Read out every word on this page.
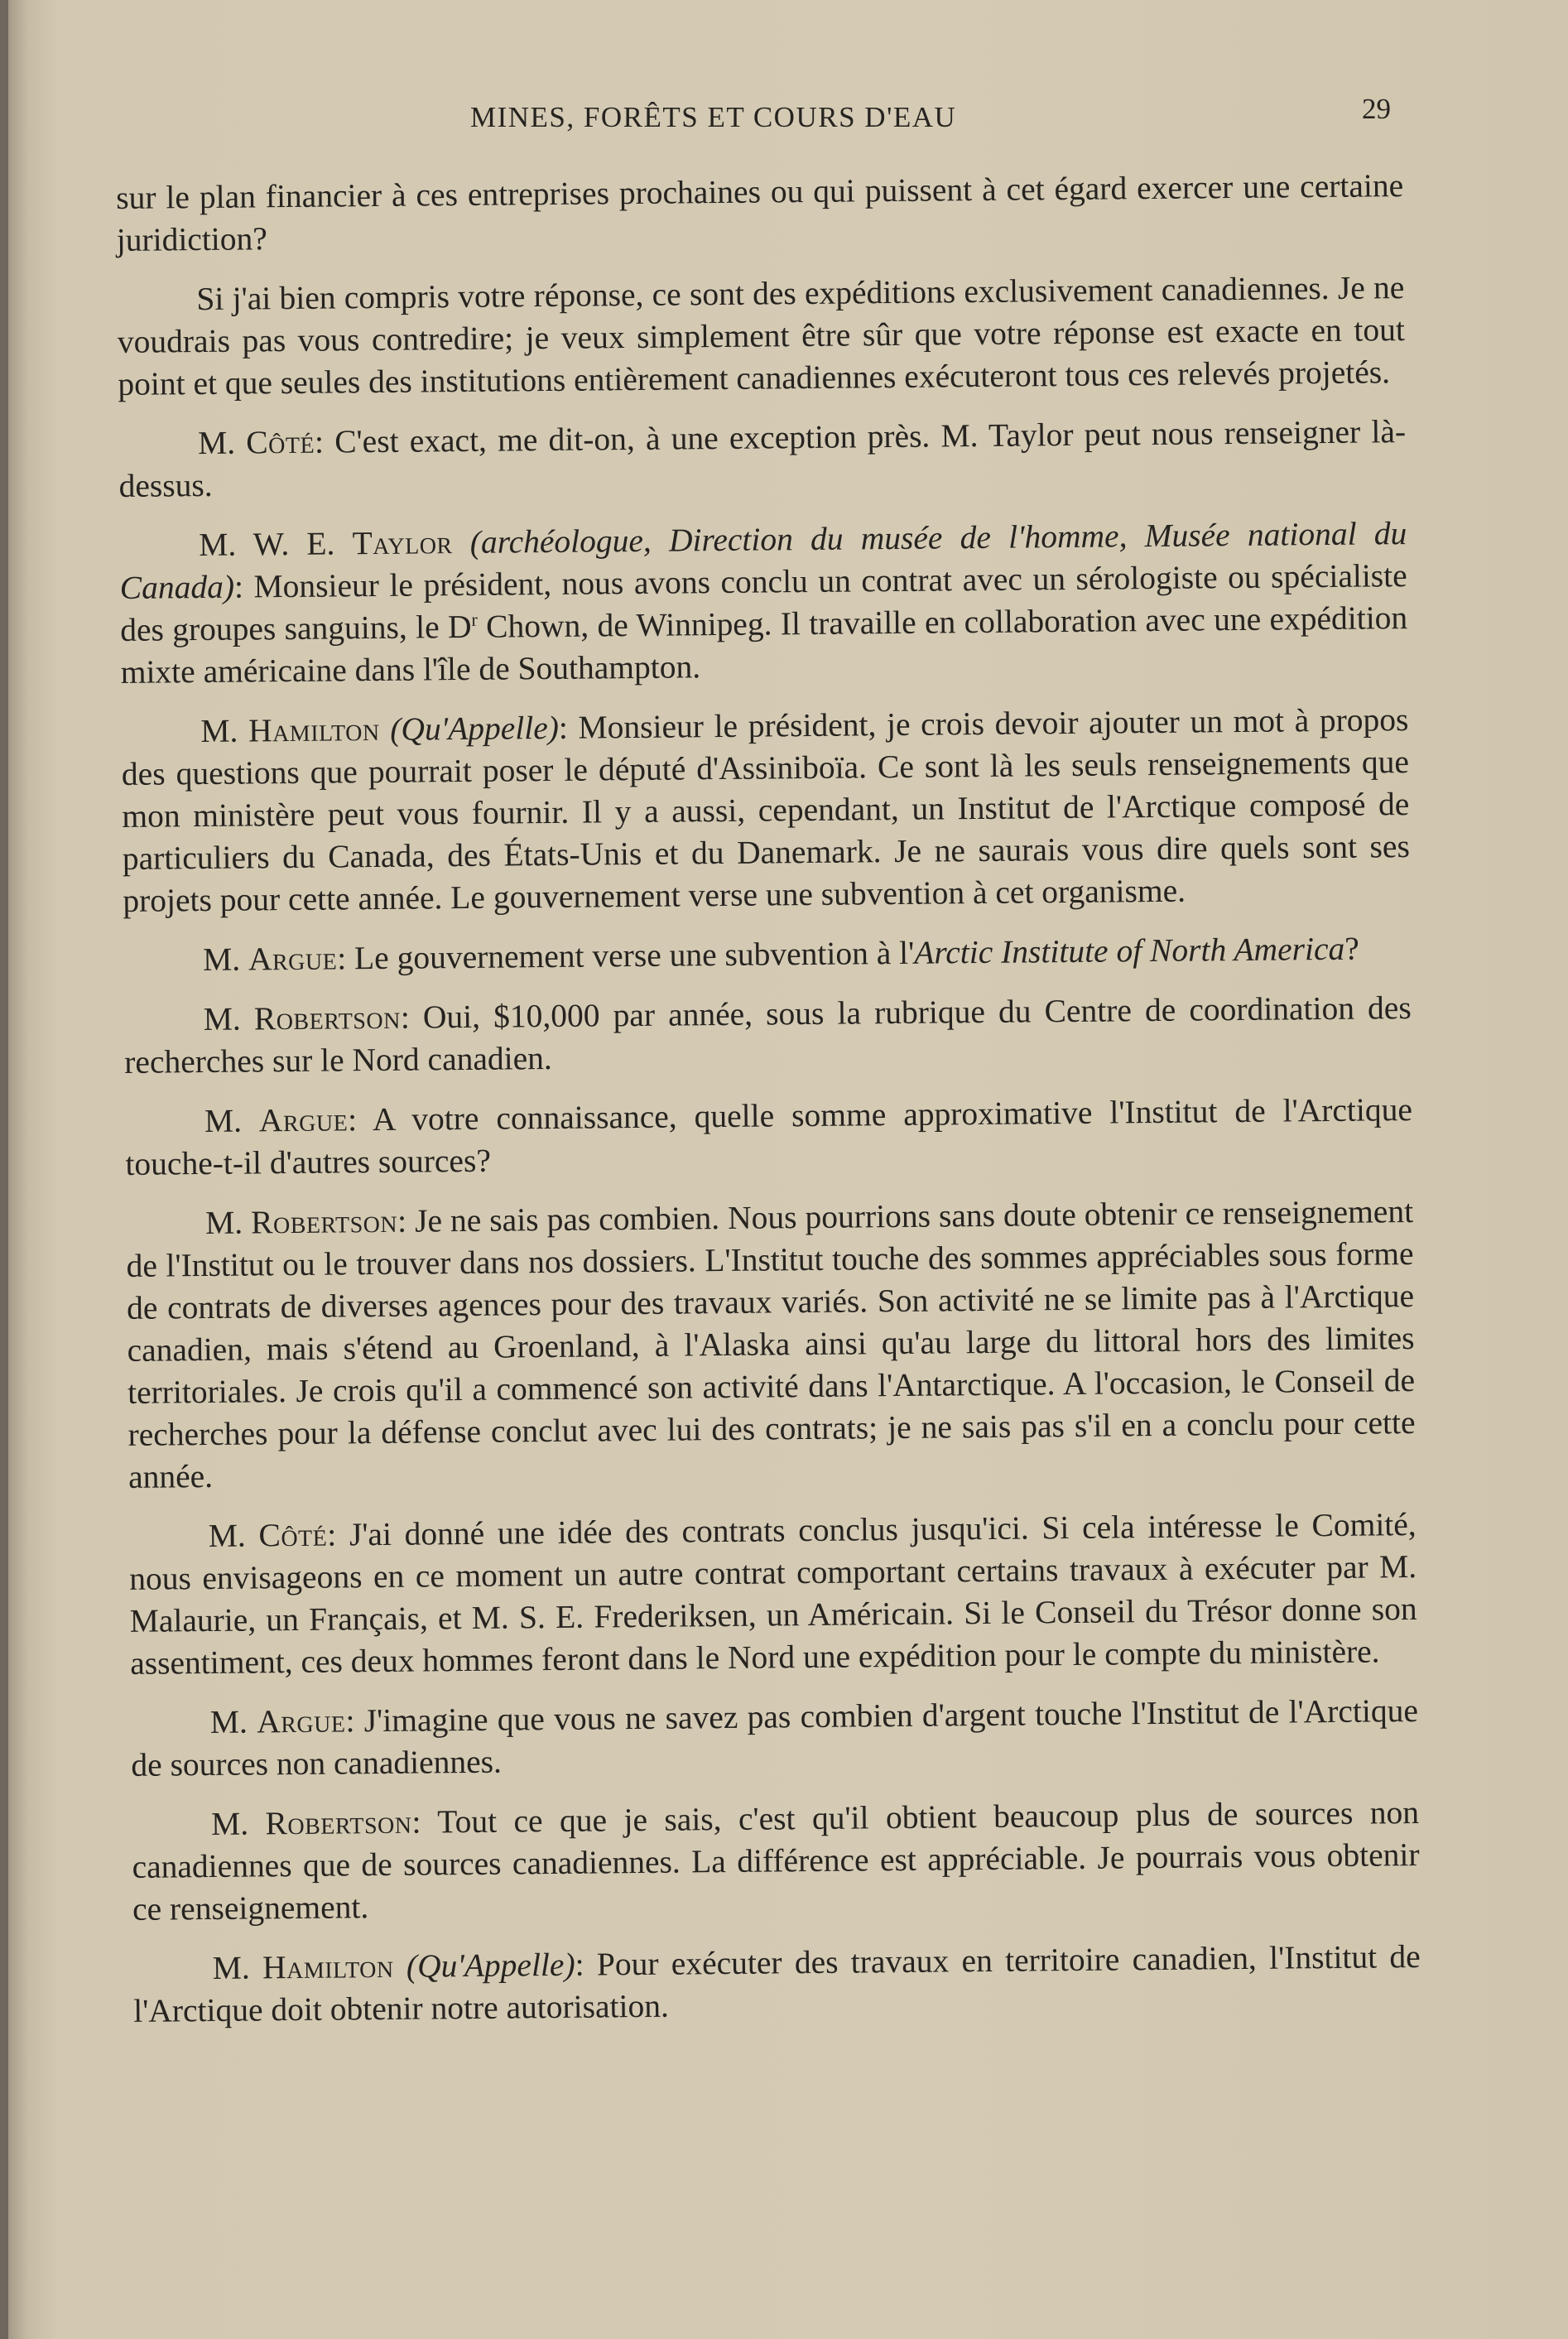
MINES, FORÊTS ET COURS D'EAU	29

sur le plan financier à ces entreprises prochaines ou qui puissent à cet égard exercer une certaine juridiction?

Si j'ai bien compris votre réponse, ce sont des expéditions exclusivement canadiennes. Je ne voudrais pas vous contredire; je veux simplement être sûr que votre réponse est exacte en tout point et que seules des institutions entièrement canadiennes exécuteront tous ces relevés projetés.

M. Côté: C'est exact, me dit-on, à une exception près. M. Taylor peut nous renseigner là-dessus.

M. W. E. Taylor (archéologue, Direction du musée de l'homme, Musée national du Canada): Monsieur le président, nous avons conclu un contrat avec un sérologiste ou spécialiste des groupes sanguins, le $D^r$ Chown, de Winnipeg. Il travaille en collaboration avec une expédition mixte américaine dans l'île de Southampton.

M. Hamilton (Qu'Appelle): Monsieur le président, je crois devoir ajouter un mot à propos des questions que pourrait poser le député d'Assiniboïa. Ce sont là les seuls renseignements que mon ministère peut vous fournir. Il y a aussi, cependant, un Institut de l'Arctique composé de particuliers du Canada, des États-Unis et du Danemark. Je ne saurais vous dire quels sont ses projets pour cette année. Le gouvernement verse une subvention à cet organisme.

M. Argue: Le gouvernement verse une subvention à l'Arctic Institute of North America?

M. Robertson: Oui, $10,000 par année, sous la rubrique du Centre de coordination des recherches sur le Nord canadien.

M. Argue: A votre connaissance, quelle somme approximative l'Institut de l'Arctique touche-t-il d'autres sources?

M. Robertson: Je ne sais pas combien. Nous pourrions sans doute obtenir ce renseignement de l'Institut ou le trouver dans nos dossiers. L'Institut touche des sommes appréciables sous forme de contrats de diverses agences pour des travaux variés. Son activité ne se limite pas à l'Arctique canadien, mais s'étend au Groenland, à l'Alaska ainsi qu'au large du littoral hors des limites territoriales. Je crois qu'il a commencé son activité dans l'Antarctique. A l'occasion, le Conseil de recherches pour la défense conclut avec lui des contrats; je ne sais pas s'il en a conclu pour cette année.

M. Côté: J'ai donné une idée des contrats conclus jusqu'ici. Si cela intéresse le Comité, nous envisageons en ce moment un autre contrat comportant certains travaux à exécuter par M. Malaurie, un Français, et M. S. E. Frederiksen, un Américain. Si le Conseil du Trésor donne son assentiment, ces deux hommes feront dans le Nord une expédition pour le compte du ministère.

M. Argue: J'imagine que vous ne savez pas combien d'argent touche l'Institut de l'Arctique de sources non canadiennes.

M. Robertson: Tout ce que je sais, c'est qu'il obtient beaucoup plus de sources non canadiennes que de sources canadiennes. La différence est appréciable. Je pourrais vous obtenir ce renseignement.

M. Hamilton (Qu'Appelle): Pour exécuter des travaux en territoire canadien, l'Institut de l'Arctique doit obtenir notre autorisation.
